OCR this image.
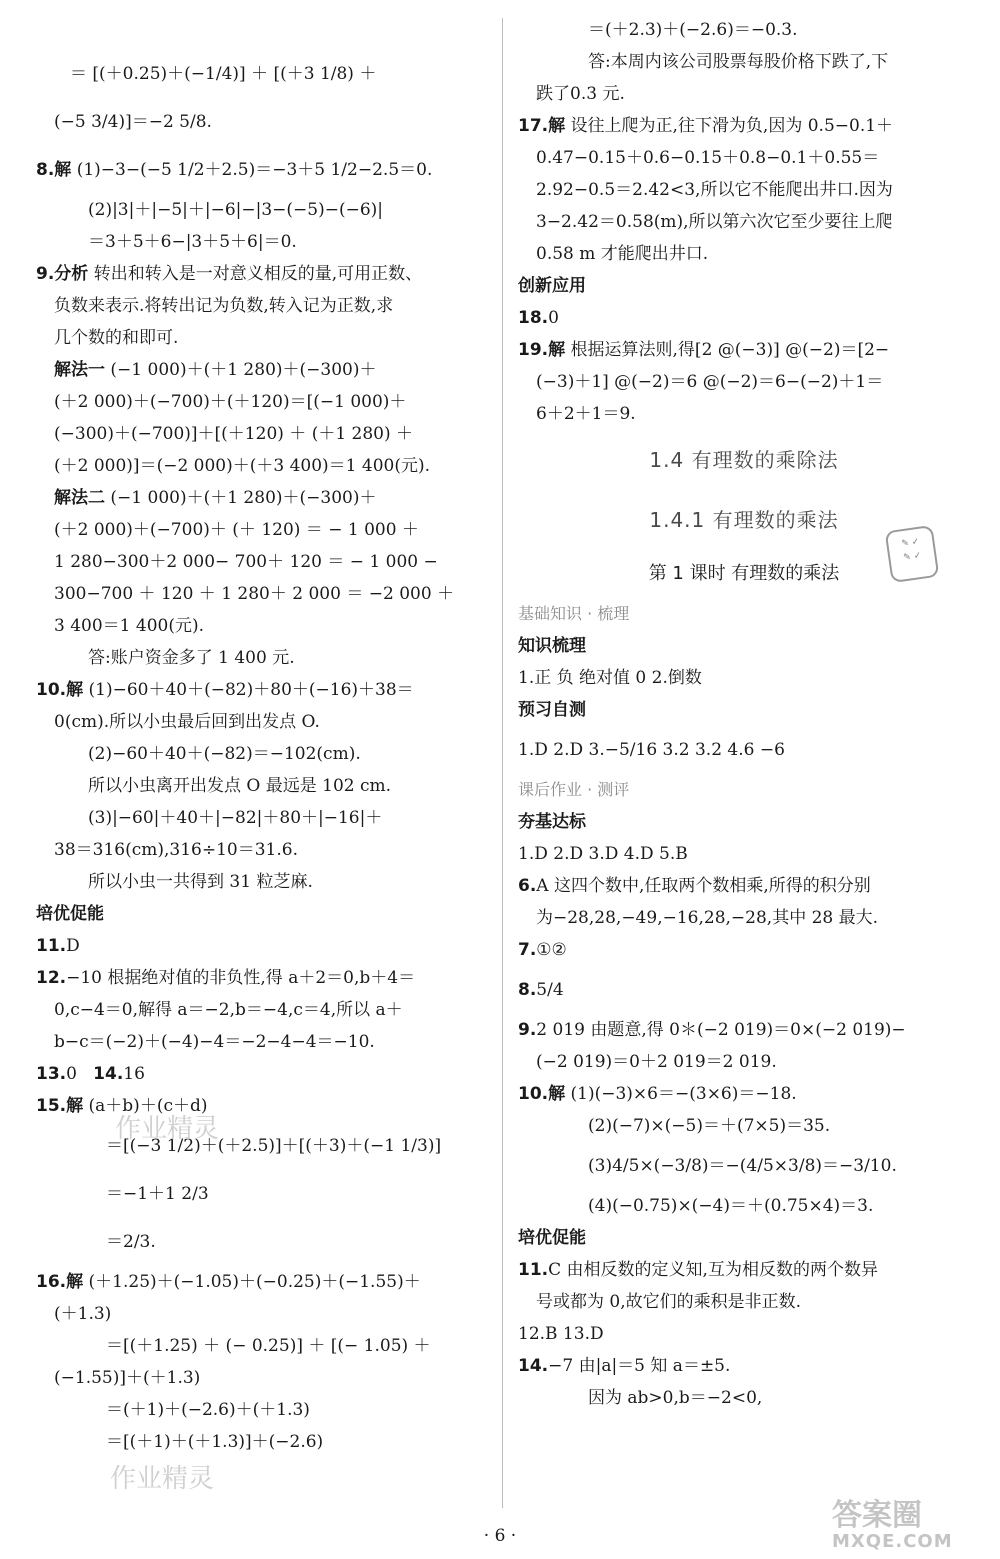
＝ [(＋0.25)＋(−1/4)] ＋ [(＋3 1/8) ＋
(−5 3/4)]＝−2 5/8.
8.解 (1)−3−(−5 1/2＋2.5)＝−3＋5 1/2−2.5＝0.
(2)|3|＋|−5|＋|−6|−|3−(−5)−(−6)|
＝3＋5＋6−|3＋5＋6|＝0.
9.分析 转出和转入是一对意义相反的量,可用正数、
负数来表示.将转出记为负数,转入记为正数,求
几个数的和即可.
解法一 (−1 000)＋(＋1 280)＋(−300)＋
(＋2 000)＋(−700)＋(＋120)＝[(−1 000)＋
(−300)＋(−700)]＋[(＋120) ＋ (＋1 280) ＋
(＋2 000)]＝(−2 000)＋(＋3 400)＝1 400(元).
解法二 (−1 000)＋(＋1 280)＋(−300)＋
(＋2 000)＋(−700)＋ (＋ 120) ＝ − 1 000 ＋
1 280−300＋2 000− 700＋ 120 ＝ − 1 000 −
300−700 ＋ 120 ＋ 1 280＋ 2 000 ＝ −2 000 ＋
3 400＝1 400(元).
答:账户资金多了 1 400 元.
10.解 (1)−60＋40＋(−82)＋80＋(−16)＋38＝
0(cm).所以小虫最后回到出发点 O.
(2)−60＋40＋(−82)＝−102(cm).
所以小虫离开出发点 O 最远是 102 cm.
(3)|−60|＋40＋|−82|＋80＋|−16|＋
38＝316(cm),316÷10＝31.6.
所以小虫一共得到 31 粒芝麻.
培优促能
11.D
12.−10 根据绝对值的非负性,得 a＋2＝0,b＋4＝
0,c−4＝0,解得 a＝−2,b＝−4,c＝4,所以 a＋
b−c＝(−2)＋(−4)−4＝−2−4−4＝−10.
13.0 14.16
15.解 (a＋b)＋(c＋d)
＝[(−3 1/2)＋(＋2.5)]＋[(＋3)＋(−1 1/3)]
＝−1＋1 2/3
＝2/3.
16.解 (＋1.25)＋(−1.05)＋(−0.25)＋(−1.55)＋
(＋1.3)
＝[(＋1.25) ＋ (− 0.25)] ＋ [(− 1.05) ＋
(−1.55)]＋(＋1.3)
＝(＋1)＋(−2.6)＋(＋1.3)
＝[(＋1)＋(＋1.3)]＋(−2.6)
＝(＋2.3)＋(−2.6)＝−0.3.
答:本周内该公司股票每股价格下跌了,下
跌了0.3 元.
17.解 设往上爬为正,往下滑为负,因为 0.5−0.1＋
0.47−0.15＋0.6−0.15＋0.8−0.1＋0.55＝
2.92−0.5＝2.42<3,所以它不能爬出井口.因为
3−2.42＝0.58(m),所以第六次它至少要往上爬
0.58 m 才能爬出井口.
创新应用
18.0
19.解 根据运算法则,得[2 @(−3)] @(−2)＝[2−
(−3)＋1] @(−2)＝6 @(−2)＝6−(−2)＋1＝
6＋2＋1＝9.
1.4 有理数的乘除法
1.4.1 有理数的乘法
第 1 课时 有理数的乘法
基础知识 · 梳理
知识梳理
1.正 负 绝对值 0 2.倒数
预习自测
1.D 2.D 3.−5/16 3.2 3.2 4.6 −6
课后作业 · 测评
夯基达标
1.D 2.D 3.D 4.D 5.B
6.A 这四个数中,任取两个数相乘,所得的积分别
为−28,28,−49,−16,28,−28,其中 28 最大.
7.①②
8.5/4
9.2 019 由题意,得 0＊(−2 019)＝0×(−2 019)−
(−2 019)＝0＋2 019＝2 019.
10.解 (1)(−3)×6＝−(3×6)＝−18.
(2)(−7)×(−5)＝＋(7×5)＝35.
(3)4/5×(−3/8)＝−(4/5×3/8)＝−3/10.
(4)(−0.75)×(−4)＝＋(0.75×4)＝3.
培优促能
11.C 由相反数的定义知,互为相反数的两个数异
号或都为 0,故它们的乘积是非正数.
12.B 13.D
14.−7 由|a|＝5 知 a＝±5.
因为 ab>0,b＝−2<0,
✎ ✓
✎ ✓
作业精灵
作业精灵
答案圈
MXQE.COM
· 6 ·
